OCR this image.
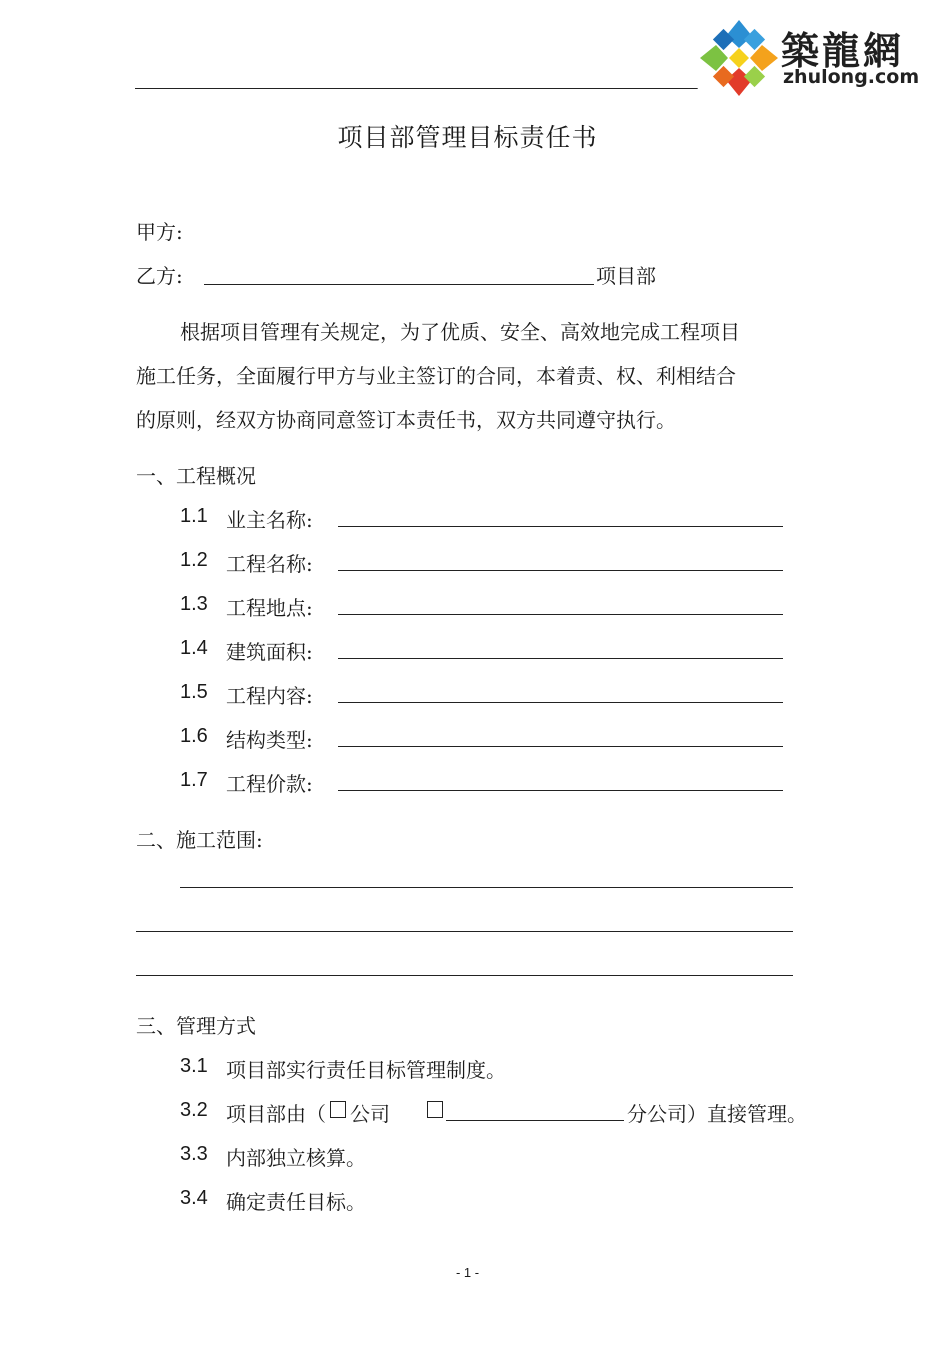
築龍網
zhulong.com
项目部管理目标责任书
甲方:
乙方:	项目部
根据项目管理有关规定，为了优质、安全、高效地完成工程项目
施工任务，全面履行甲方与业主签订的合同，本着责、权、利相结合
的原则，经双方协商同意签订本责任书，双方共同遵守执行。
一、工程概况
1.1 业主名称:
1.2 工程名称:
1.3 工程地点:
1.4 建筑面积:
1.5 工程内容:
1.6 结构类型:
1.7 工程价款:
二、施工范围:
三、管理方式
3.1 项目部实行责任目标管理制度。
3.2 项目部由（ 公司	分公司）直接管理。
3.3 内部独立核算。
3.4 确定责任目标。
- 1 -
